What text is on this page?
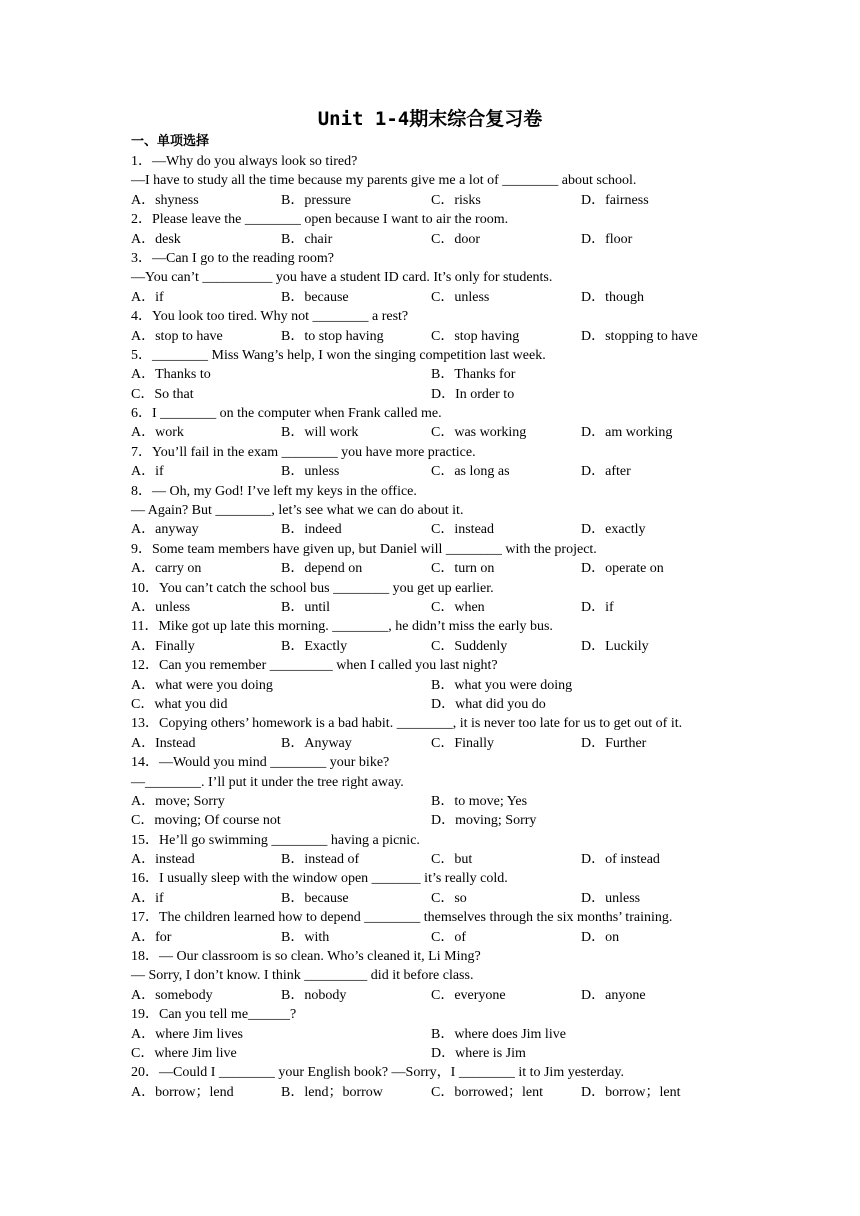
Unit 1-4期末综合复习卷
一、单项选择
1．—Why do you always look so tired?
—I have to study all the time because my parents give me a lot of ________ about school.
A．shyness	B．pressure	C．risks	D．fairness
2．Please leave the ________ open because I want to air the room.
A．desk	B．chair	C．door	D．floor
3．—Can I go to the reading room?
—You can’t __________ you have a student ID card. It’s only for students.
A．if	B．because	C．unless	D．though
4．You look too tired. Why not ________ a rest?
A．stop to have	B．to stop having	C．stop having	D．stopping to have
5．________ Miss Wang’s help, I won the singing competition last week.
A．Thanks to	B．Thanks for
C．So that	D．In order to
6．I ________ on the computer when Frank called me.
A．work	B．will work	C．was working	D．am working
7．You’ll fail in the exam ________ you have more practice.
A．if	B．unless	C．as long as	D．after
8．— Oh, my God! I’ve left my keys in the office.
— Again? But ________, let’s see what we can do about it.
A．anyway	B．indeed	C．instead	D．exactly
9．Some team members have given up, but Daniel will ________ with the project.
A．carry on	B．depend on	C．turn on	D．operate on
10．You can’t catch the school bus ________ you get up earlier.
A．unless	B．until	C．when	D．if
11．Mike got up late this morning. ________, he didn’t miss the early bus.
A．Finally	B．Exactly	C．Suddenly	D．Luckily
12．Can you remember _________ when I called you last night?
A．what were you doing	B．what you were doing
C．what you did	D．what did you do
13．Copying others’ homework is a bad habit. ________, it is never too late for us to get out of it.
A．Instead	B．Anyway	C．Finally	D．Further
14．—Would you mind ________ your bike?
—________. I’ll put it under the tree right away.
A．move; Sorry	B．to move; Yes
C．moving; Of course not	D．moving; Sorry
15．He’ll go swimming ________ having a picnic.
A．instead	B．instead of	C．but	D．of instead
16．I usually sleep with the window open _______ it’s really cold.
A．if	B．because	C．so	D．unless
17．The children learned how to depend ________ themselves through the six months’ training.
A．for	B．with	C．of	D．on
18．— Our classroom is so clean. Who’s cleaned it, Li Ming?
— Sorry, I don’t know. I think _________ did it before class.
A．somebody	B．nobody	C．everyone	D．anyone
19．Can you tell me______?
A．where Jim lives	B．where does Jim live
C．where Jim live	D．where is Jim
20．—Could I ________ your English book? —Sorry，I ________ it to Jim yesterday.
A．borrow；lend	B．lend；borrow	C．borrowed；lent	D．borrow；lent
